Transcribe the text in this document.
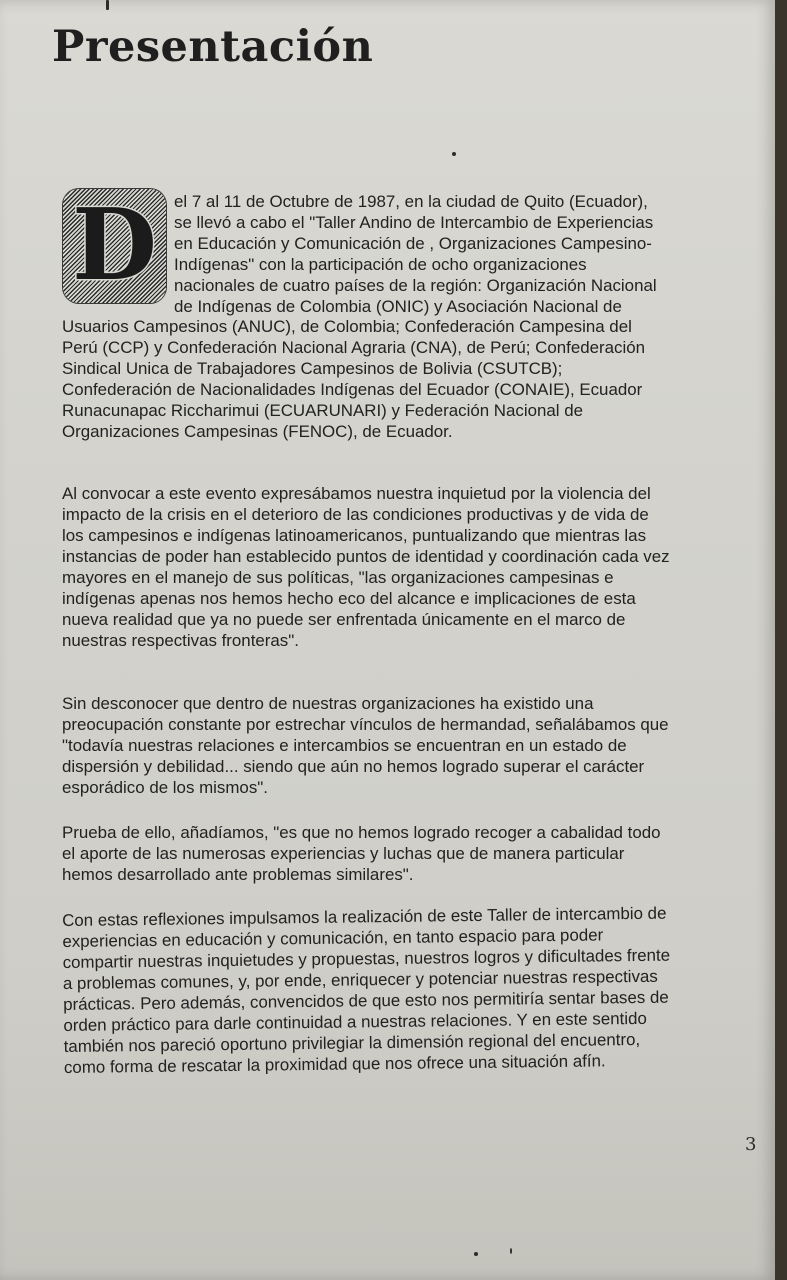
Presentación
D	el 7 al 11 de Octubre de 1987, en la ciudad de Quito (Ecuador), se llevó a cabo el "Taller Andino de Intercambio de Experiencias en Educación y Comunicación de , Organizaciones Campesino-Indígenas" con la participación de ocho organizaciones nacionales de cuatro países de la región: Organización Nacional de Indígenas de Colombia (ONIC) y Asociación Nacional de Usuarios Campesinos (ANUC), de Colombia; Confederación Campesina del Perú (CCP) y Confederación Nacional Agraria (CNA), de Perú; Confederación Sindical Unica de Trabajadores Campesinos de Bolivia (CSUTCB); Confederación de Nacionalidades Indígenas del Ecuador (CONAIE), Ecuador Runacunapac Riccharimui (ECUARUNARI) y Federación Nacional de Organizaciones Campesinas (FENOC), de Ecuador.

Al convocar a este evento expresábamos nuestra inquietud por la violencia del impacto de la crisis en el deterioro de las condiciones productivas y de vida de los campesinos e indígenas latinoamericanos, puntualizando que mientras las instancias de poder han establecido puntos de identidad y coordinación cada vez mayores en el manejo de sus políticas, "las organizaciones campesinas e indígenas apenas nos hemos hecho eco del alcance e implicaciones de esta nueva realidad que ya no puede ser enfrentada únicamente en el marco de nuestras respectivas fronteras".

Sin desconocer que dentro de nuestras organizaciones ha existido una preocupación constante por estrechar vínculos de hermandad, señalábamos que "todavía nuestras relaciones e intercambios se encuentran en un estado de dispersión y debilidad... siendo que aún no hemos logrado superar el carácter esporádico de los mismos".

Prueba de ello, añadíamos, "es que no hemos logrado recoger a cabalidad todo el aporte de las numerosas experiencias y luchas que de manera particular hemos desarrollado ante problemas similares".

Con estas reflexiones impulsamos la realización de este Taller de intercambio de experiencias en educación y comunicación, en tanto espacio para poder compartir nuestras inquietudes y propuestas, nuestros logros y dificultades frente a problemas comunes, y, por ende, enriquecer y potenciar nuestras respectivas prácticas. Pero además, convencidos de que esto nos permitiría sentar bases de orden práctico para darle continuidad a nuestras relaciones. Y en este sentido también nos pareció oportuno privilegiar la dimensión regional del encuentro, como forma de rescatar la proximidad que nos ofrece una situación afín.

3
